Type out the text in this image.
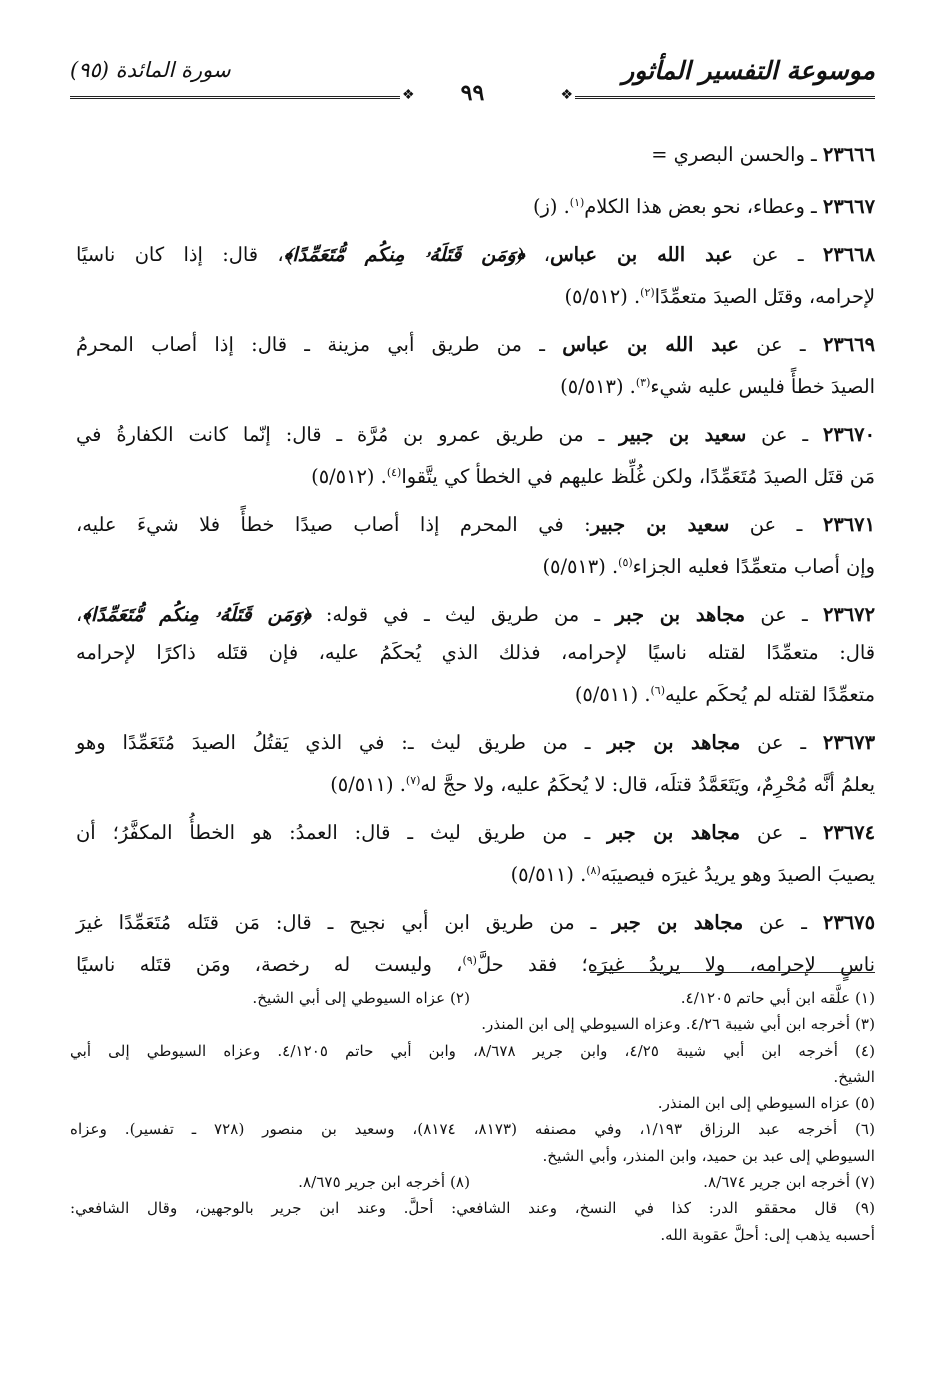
موسوعة التفسير المأثور
❖
٩٩
❖
سورة المائدة (٩٥)
٢٣٦٦٦ ـ والحسن البصري =
٢٣٦٦٧ ـ وعطاء، نحو بعض هذا الكلام$^{(١)}$. (ز)
٢٣٦٦٨ ـ عن عبد الله بن عباس، ﴿وَمَن قَتَلَهُۥ مِنكُم مُّتَعَمِّدًا﴾، قال: إذا كان ناسيًا
لإحرامه، وقتَل الصيدَ متعمِّدًا$^{(٢)}$. (٥/٥١٢)
٢٣٦٦٩ ـ عن عبد الله بن عباس ـ من طريق أبي مزينة ـ قال: إذا أصاب المحرمُ
الصيدَ خطأً فليس عليه شيء$^{(٣)}$. (٥/٥١٣)
٢٣٦٧٠ ـ عن سعيد بن جبير ـ من طريق عمرو بن مُرَّة ـ قال: إنّما كانت الكفارةُ في
مَن قتَل الصيدَ مُتَعَمِّدًا، ولكن غُلِّظ عليهم في الخطأ كي يتَّقوا$^{(٤)}$. (٥/٥١٢)
٢٣٦٧١ ـ عن سعيد بن جبير: في المحرم إذا أصاب صيدًا خطأً فلا شيءَ عليه،
وإن أصاب متعمِّدًا فعليه الجزاء$^{(٥)}$. (٥/٥١٣)
٢٣٦٧٢ ـ عن مجاهد بن جبر ـ من طريق ليث ـ في قوله: ﴿وَمَن قَتَلَهُۥ مِنكُم مُّتَعَمِّدًا﴾،
قال: متعمِّدًا لقتله ناسيًا لإحرامه، فذلك الذي يُحكَمُ عليه، فإن قتَله ذاكرًا لإحرامه
متعمِّدًا لقتله لم يُحكَم عليه$^{(٦)}$. (٥/٥١١)
٢٣٦٧٣ ـ عن مجاهد بن جبر ـ من طريق ليث ـ: في الذي يَقتُلُ الصيدَ مُتَعَمِّدًا وهو
يعلمُ أنَّه مُحْرِمٌ، ويَتَعَمَّدُ قتلَه، قال: لا يُحكَمُ عليه، ولا حجَّ له$^{(٧)}$. (٥/٥١١)
٢٣٦٧٤ ـ عن مجاهد بن جبر ـ من طريق ليث ـ قال: العمدُ: هو الخطأُ المكفَّرُ؛ أن
يصيبَ الصيدَ وهو يريدُ غيرَه فيصيبَه$^{(٨)}$. (٥/٥١١)
٢٣٦٧٥ ـ عن مجاهد بن جبر ـ من طريق ابن أبي نجيح ـ قال: مَن قتَله مُتَعَمِّدًا غيرَ
ناسٍ لإحرامه، ولا يريدُ غيرَه؛ فقد حلَّ$^{(٩)}$، وليست له رخصة، ومَن قتَله ناسيًا
(١) علَّقه ابن أبي حاتم ٤/١٢٠٥.
(٢) عزاه السيوطي إلى أبي الشيخ.
(٣) أخرجه ابن أبي شيبة ٤/٢٦. وعزاه السيوطي إلى ابن المنذر.
(٤) أخرجه ابن أبي شيبة ٤/٢٥، وابن جرير ٨/٦٧٨، وابن أبي حاتم ٤/١٢٠٥. وعزاه السيوطي إلى أبي
الشيخ.
(٥) عزاه السيوطي إلى ابن المنذر.
(٦) أخرجه عبد الرزاق ١/١٩٣، وفي مصنفه (٨١٧٣، ٨١٧٤)، وسعيد بن منصور (٧٢٨ ـ تفسير). وعزاه
السيوطي إلى عبد بن حميد، وابن المنذر، وأبي الشيخ.
(٧) أخرجه ابن جرير ٨/٦٧٤.
(٨) أخرجه ابن جرير ٨/٦٧٥.
(٩) قال محققو الدر: كذا في النسخ، وعند الشافعي: أحلَّ. وعند ابن جرير بالوجهين، وقال الشافعي:
أحسبه يذهب إلى: أحلَّ عقوبة الله.
